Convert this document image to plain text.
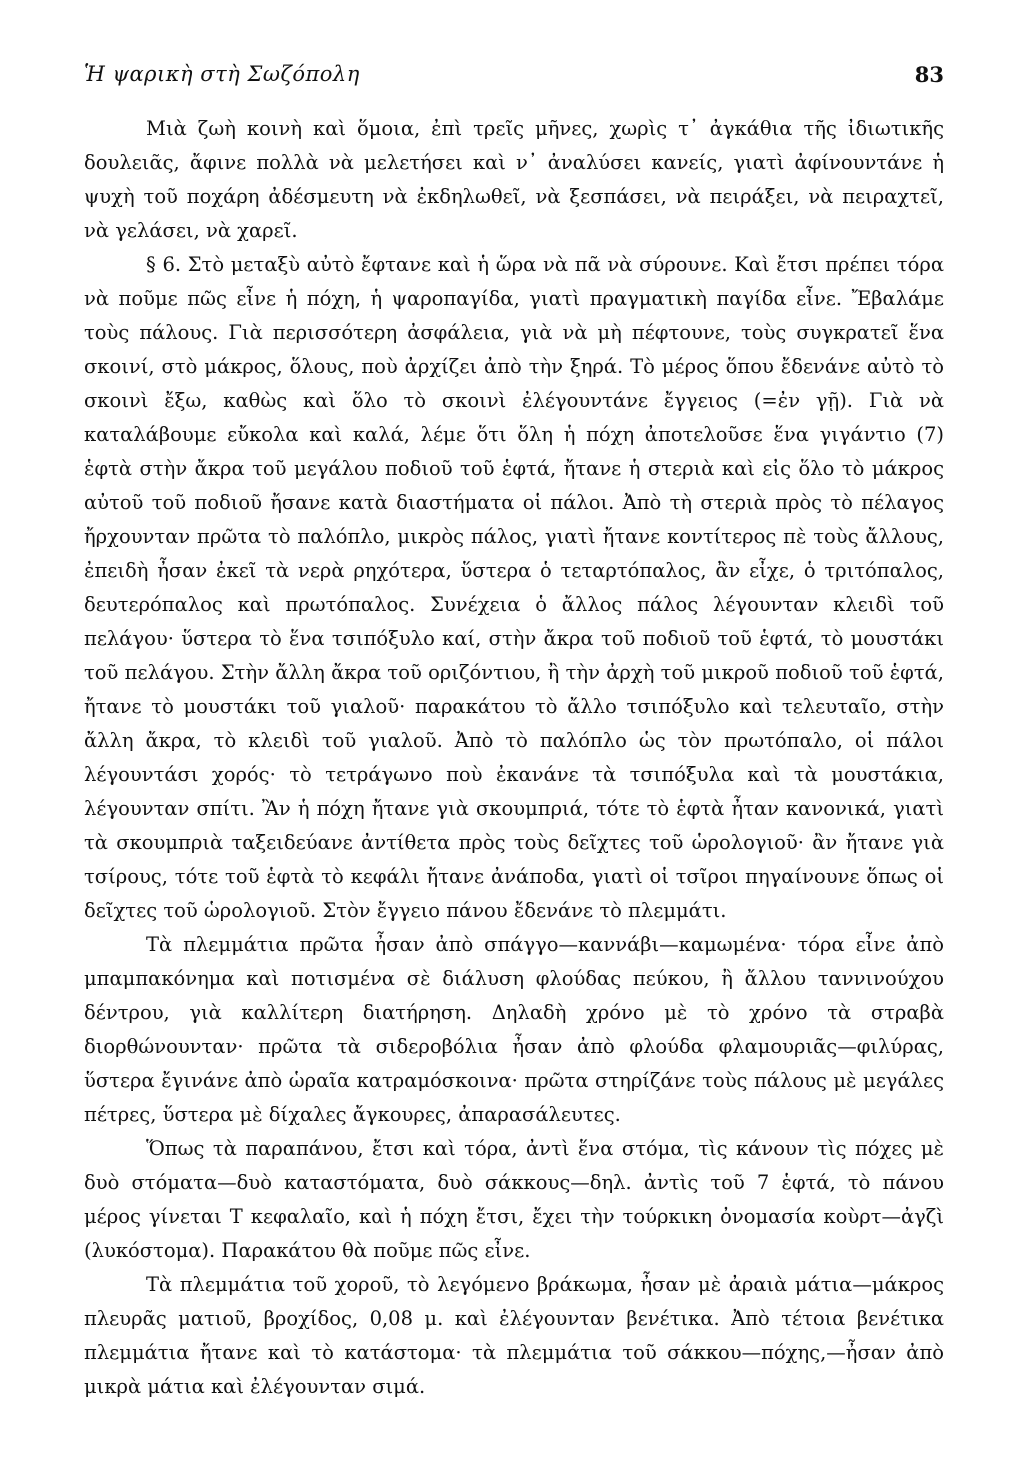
Ἡ ψαρικὴ στὴ Σωζόπολη	83

Μιὰ ζωὴ κοινὴ καὶ ὅμοια, ἐπὶ τρεῖς μῆνες, χωρὶς τ᾽ ἀγκάθια τῆς ἰδιωτικῆς δουλειᾶς, ἄφινε πολλὰ νὰ μελετήσει καὶ ν᾽ ἀναλύσει κανείς, γιατὶ ἀφίνουντάνε ἡ ψυχὴ τοῦ ποχάρη ἀδέσμευτη νὰ ἐκδηλωθεῖ, νὰ ξεσπάσει, νὰ πειράξει, νὰ πειραχτεῖ, νὰ γελάσει, νὰ χαρεῖ.

§ 6. Στὸ μεταξὺ αὐτὸ ἔφτανε καὶ ἡ ὥρα νὰ πᾶ νὰ σύρουνε. Καὶ ἔτσι πρέπει τόρα νὰ ποῦμε πῶς εἶνε ἡ πόχη, ἡ ψαροπαγίδα, γιατὶ πραγματικὴ παγίδα εἶνε. Ἔβαλάμε τοὺς πάλους. Γιὰ περισσότερη ἀσφάλεια, γιὰ νὰ μὴ πέφτουνε, τοὺς συγκρατεῖ ἕνα σκοινί, στὸ μάκρος, ὅλους, ποὺ ἀρχίζει ἀπὸ τὴν ξηρά. Τὸ μέρος ὅπου ἔδενάνε αὐτὸ τὸ σκοινὶ ἔξω, καθὼς καὶ ὅλο τὸ σκοινὶ ἐλέγουντάνε ἔγγειος (=ἐν γῇ). Γιὰ νὰ καταλάβουμε εὔκολα καὶ καλά, λέμε ὅτι ὅλη ἡ πόχη ἀποτελοῦσε ἕνα γιγάντιο (7) ἑφτὰ στὴν ἄκρα τοῦ μεγάλου ποδιοῦ τοῦ ἑφτά, ἤτανε ἡ στεριὰ καὶ εἰς ὅλο τὸ μάκρος αὐτοῦ τοῦ ποδιοῦ ἤσανε κατὰ διαστήματα οἱ πάλοι. Ἀπὸ τὴ στεριὰ πρὸς τὸ πέλαγος ἤρχουνταν πρῶτα τὸ παλόπλο, μικρὸς πάλος, γιατὶ ἤτανε κοντίτερος πὲ τοὺς ἄλλους, ἐπειδὴ ἦσαν ἐκεῖ τὰ νερὰ ρηχότερα, ὕστερα ὁ τεταρτόπαλος, ἂν εἶχε, ὁ τριτόπαλος, δευτερόπαλος καὶ πρωτόπαλος. Συνέχεια ὁ ἄλλος πάλος λέγουνταν κλειδὶ τοῦ πελάγου· ὕστερα τὸ ἕνα τσιπόξυλο καί, στὴν ἄκρα τοῦ ποδιοῦ τοῦ ἑφτά, τὸ μουστάκι τοῦ πελάγου. Στὴν ἄλλη ἄκρα τοῦ οριζόντιου, ἢ τὴν ἀρχὴ τοῦ μικροῦ ποδιοῦ τοῦ ἑφτά, ἤτανε τὸ μουστάκι τοῦ γιαλοῦ· παρακάτου τὸ ἄλλο τσιπόξυλο καὶ τελευταῖο, στὴν ἄλλη ἄκρα, τὸ κλειδὶ τοῦ γιαλοῦ. Ἀπὸ τὸ παλόπλο ὡς τὸν πρωτόπαλο, οἱ πάλοι λέγουντάσι χορός· τὸ τετράγωνο ποὺ ἐκανάνε τὰ τσιπόξυλα καὶ τὰ μουστάκια, λέγουνταν σπίτι. Ἂν ἡ πόχη ἤτανε γιὰ σκουμπριά, τότε τὸ ἑφτὰ ἦταν κανονικά, γιατὶ τὰ σκουμπριὰ ταξειδεύανε ἀντίθετα πρὸς τοὺς δεῖχτες τοῦ ὡρολογιοῦ· ἂν ἤτανε γιὰ τσίρους, τότε τοῦ ἑφτὰ τὸ κεφάλι ἤτανε ἀνάποδα, γιατὶ οἱ τσῖροι πηγαίνουνε ὅπως οἱ δεῖχτες τοῦ ὡρολογιοῦ. Στὸν ἔγγειο πάνου ἔδενάνε τὸ πλεμμάτι.

Τὰ πλεμμάτια πρῶτα ἦσαν ἀπὸ σπάγγο—καννάβι—καμωμένα· τόρα εἶνε ἀπὸ μπαμπακόνημα καὶ ποτισμένα σὲ διάλυση φλούδας πεύκου, ἢ ἄλλου ταννινούχου δέντρου, γιὰ καλλίτερη διατήρηση. Δηλαδὴ χρόνο μὲ τὸ χρόνο τὰ στραβὰ διορθώνουνταν· πρῶτα τὰ σιδεροβόλια ἦσαν ἀπὸ φλούδα φλαμουριᾶς—φιλύρας, ὕστερα ἔγινάνε ἀπὸ ὡραῖα κατραμόσκοινα· πρῶτα στηρίζάνε τοὺς πάλους μὲ μεγάλες πέτρες, ὕστερα μὲ δίχαλες ἄγκουρες, ἀπαρασάλευτες.

Ὅπως τὰ παραπάνου, ἔτσι καὶ τόρα, ἀντὶ ἕνα στόμα, τὶς κάνουν τὶς πόχες μὲ δυὸ στόματα—δυὸ καταστόματα, δυὸ σάκκους—δηλ. ἀντὶς τοῦ 7 ἑφτά, τὸ πάνου μέρος γίνεται Τ κεφαλαῖο, καὶ ἡ πόχη ἔτσι, ἔχει τὴν τούρκικη ὀνομασία κοὺρτ—ἀγζὶ (λυκόστομα). Παρακάτου θὰ ποῦμε πῶς εἶνε.

Τὰ πλεμμάτια τοῦ χοροῦ, τὸ λεγόμενο βράκωμα, ἦσαν μὲ ἀραιὰ μάτια—μάκρος πλευρᾶς ματιοῦ, βροχίδος, 0,08 μ. καὶ ἐλέγουνταν βενέτικα. Ἀπὸ τέτοια βενέτικα πλεμμάτια ἤτανε καὶ τὸ κατάστομα· τὰ πλεμμάτια τοῦ σάκκου—πόχης,—ἦσαν ἀπὸ μικρὰ μάτια καὶ ἐλέγουνταν σιμά.
